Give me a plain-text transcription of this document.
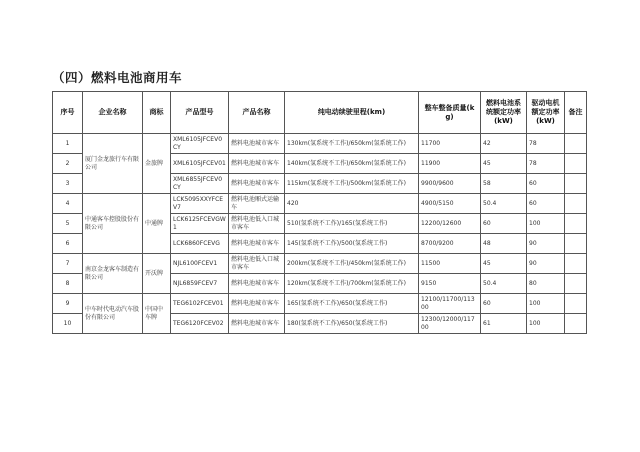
（四）燃料电池商用车
序号	企业名称	商标	产品型号	产品名称	纯电动续驶里程(km)	整车整备质量(kg)	燃料电池系统额定功率(kW)	驱动电机额定功率(kW)	备注
1	厦门金龙旅行车有限公司	金旅牌	XML6105JFCEV0CY	燃料电池城市客车	130km(氢系统不工作)/650km(氢系统工作)	11700	42	78	
2			XML6105JFCEV01	燃料电池城市客车	140km(氢系统不工作)/650km(氢系统工作)	11900	45	78	
3			XML6855JFCEV0CY	燃料电池城市客车	115km(氢系统不工作)/500km(氢系统工作)	9900/9600	58	60	
4	中通客车控股股份有限公司	中通牌	LCK5095XXYFCEV7	燃料电池厢式运输车	420	4900/5150	50.4	60	
5			LCK6125FCEVGW1	燃料电池低入口城市客车	510(氢系统不工作)/165(氢系统工作)	12200/12600	60	100	
6			LCK6860FCEVG	燃料电池城市客车	145(氢系统不工作)/500(氢系统工作)	8700/9200	48	90	
7	南京金龙客车制造有限公司	开沃牌	NJL6100FCEV1	燃料电池低入口城市客车	200km(氢系统不工作)/450km(氢系统工作)	11500	45	90	
8			NJL6859FCEV7	燃料电池城市客车	120km(氢系统不工作)/700km(氢系统工作)	9150	50.4	80	
9	中车时代电动汽车股份有限公司	中国中车牌	TEG6102FCEV01	燃料电池城市客车	165(氢系统不工作)/650(氢系统工作)	12100/11700/11300	60	100	
10			TEG6120FCEV02	燃料电池城市客车	180(氢系统不工作)/650(氢系统工作)	12300/12000/11700	61	100	
